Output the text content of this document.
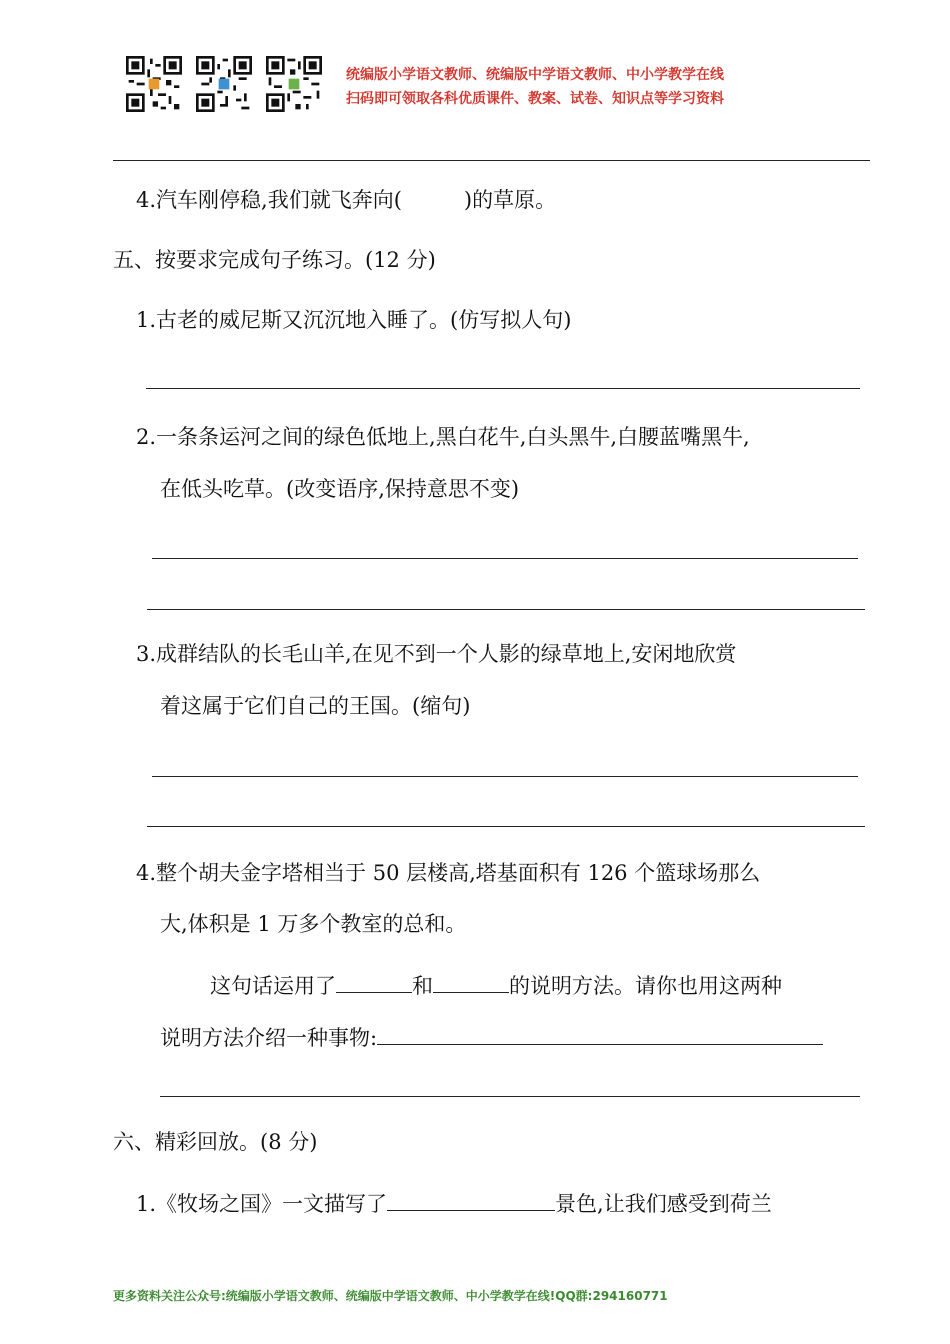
统编版小学语文教师、统编版中学语文教师、中小学教学在线
扫码即可领取各科优质课件、教案、试卷、知识点等学习资料
4.汽车刚停稳,我们就飞奔向(	)的草原。
五、按要求完成句子练习。(12 分)
1.古老的威尼斯又沉沉地入睡了。(仿写拟人句)
2.一条条运河之间的绿色低地上,黑白花牛,白头黑牛,白腰蓝嘴黑牛,
在低头吃草。(改变语序,保持意思不变)
3.成群结队的长毛山羊,在见不到一个人影的绿草地上,安闲地欣赏
着这属于它们自己的王国。(缩句)
4.整个胡夫金字塔相当于 50 层楼高,塔基面积有 126 个篮球场那么
大,体积是 1 万多个教室的总和。
这句话运用了	和	的说明方法。请你也用这两种
说明方法介绍一种事物:
六、精彩回放。(8 分)
1.《牧场之国》一文描写了	景色,让我们感受到荷兰
更多资料关注公众号:统编版小学语文教师、统编版中学语文教师、中小学教学在线!QQ群:294160771
